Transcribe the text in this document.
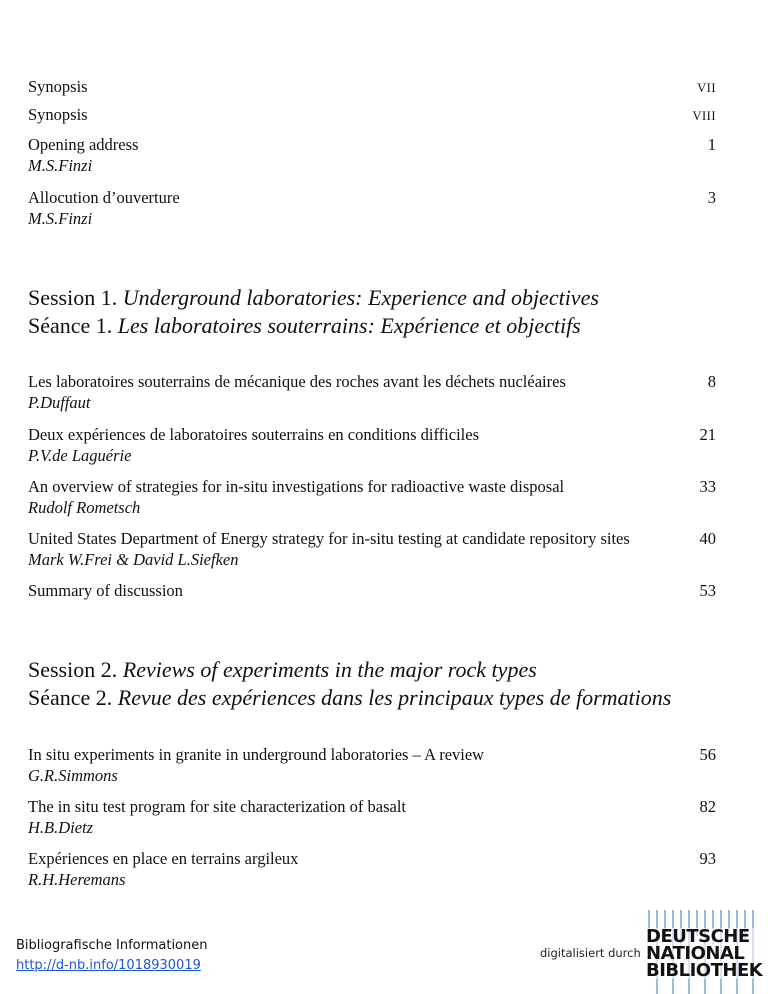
Synopsis	VII
Synopsis	VIII
Opening address	1
M.S.Finzi
Allocution d’ouverture	3
M.S.Finzi
Session 1. Underground laboratories: Experience and objectives
Séance 1. Les laboratoires souterrains: Expérience et objectifs
Les laboratoires souterrains de mécanique des roches avant les déchets nucléaires	8
P.Duffaut
Deux expériences de laboratoires souterrains en conditions difficiles	21
P.V.de Laguérie
An overview of strategies for in-situ investigations for radioactive waste disposal	33
Rudolf Rometsch
United States Department of Energy strategy for in-situ testing at candidate repository sites	40
Mark W.Frei & David L.Siefken
Summary of discussion	53
Session 2. Reviews of experiments in the major rock types
Séance 2. Revue des expériences dans les principaux types de formations
In situ experiments in granite in underground laboratories – A review	56
G.R.Simmons
The in situ test program for site characterization of basalt	82
H.B.Dietz
Expériences en place en terrains argileux	93
R.H.Heremans
Bibliografische Informationen
http://d-nb.info/1018930019
digitalisiert durch
DEUTSCHE
NATIONAL
BIBLIOTHEK
